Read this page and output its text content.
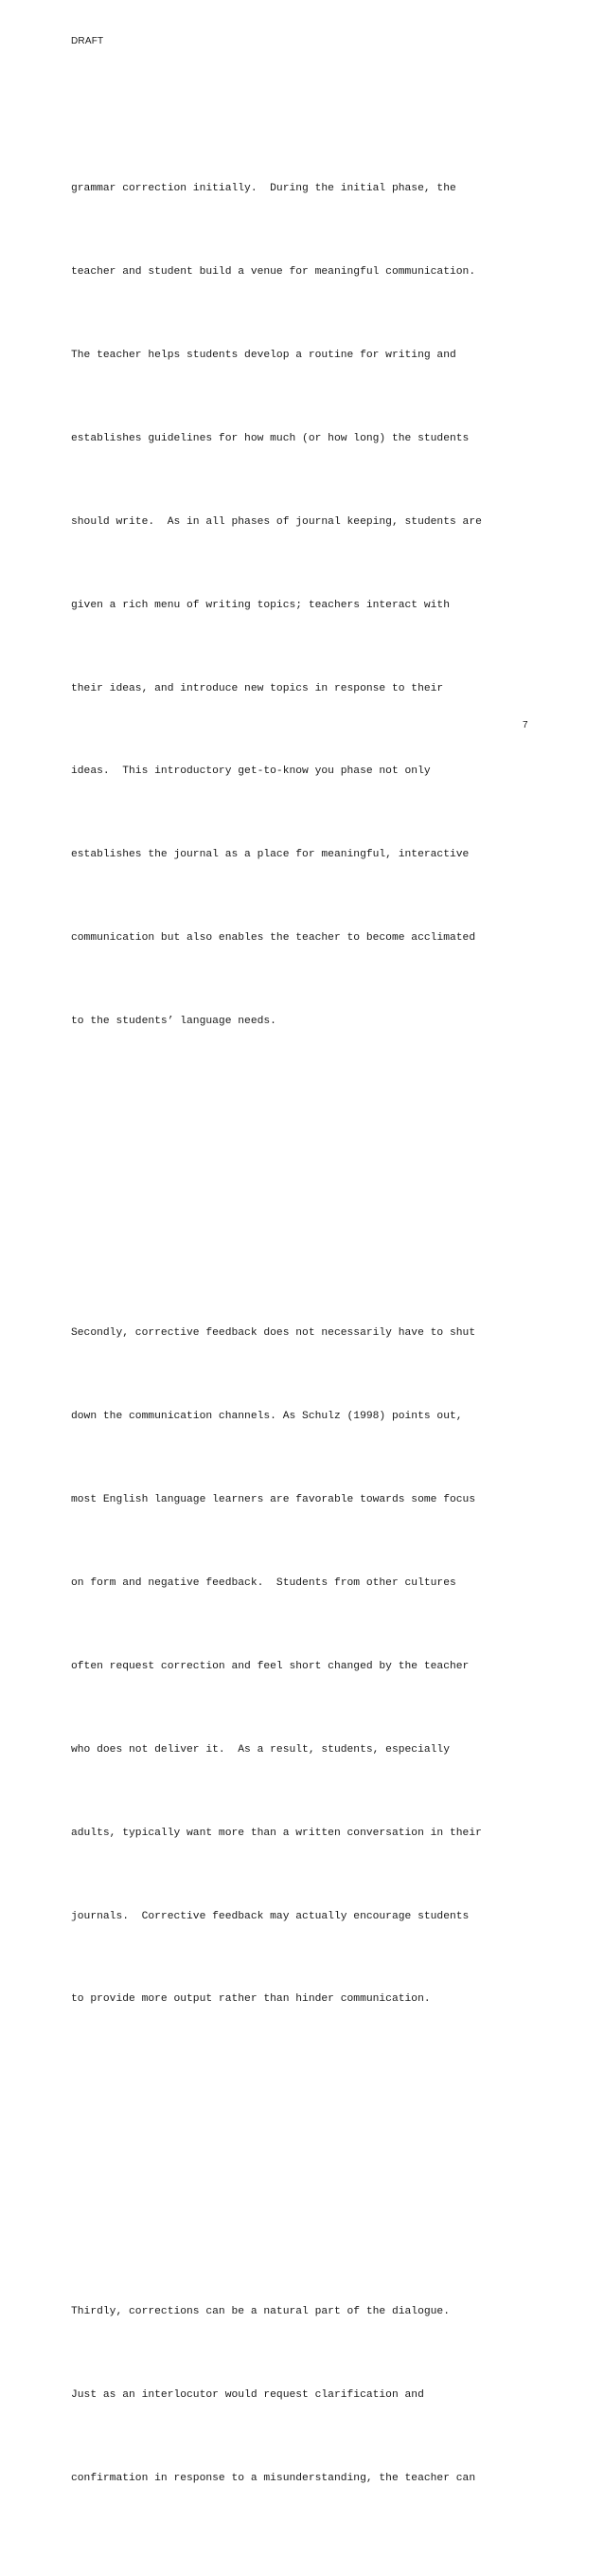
DRAFT

grammar correction initially.  During the initial phase, the

teacher and student build a venue for meaningful communication.

The teacher helps students develop a routine for writing and

establishes guidelines for how much (or how long) the students

should write.  As in all phases of journal keeping, students are

given a rich menu of writing topics; teachers interact with

their ideas, and introduce new topics in response to their

ideas.  This introductory get-to-know you phase not only

establishes the journal as a place for meaningful, interactive

communication but also enables the teacher to become acclimated

to the students’ language needs.

Secondly, corrective feedback does not necessarily have to shut

down the communication channels. As Schulz (1998) points out,

most English language learners are favorable towards some focus

on form and negative feedback.  Students from other cultures

often request correction and feel short changed by the teacher

who does not deliver it.  As a result, students, especially

adults, typically want more than a written conversation in their

journals.  Corrective feedback may actually encourage students

to provide more output rather than hinder communication.

Thirdly, corrections can be a natural part of the dialogue.

Just as an interlocutor would request clarification and

confirmation in response to a misunderstanding, the teacher can

7
